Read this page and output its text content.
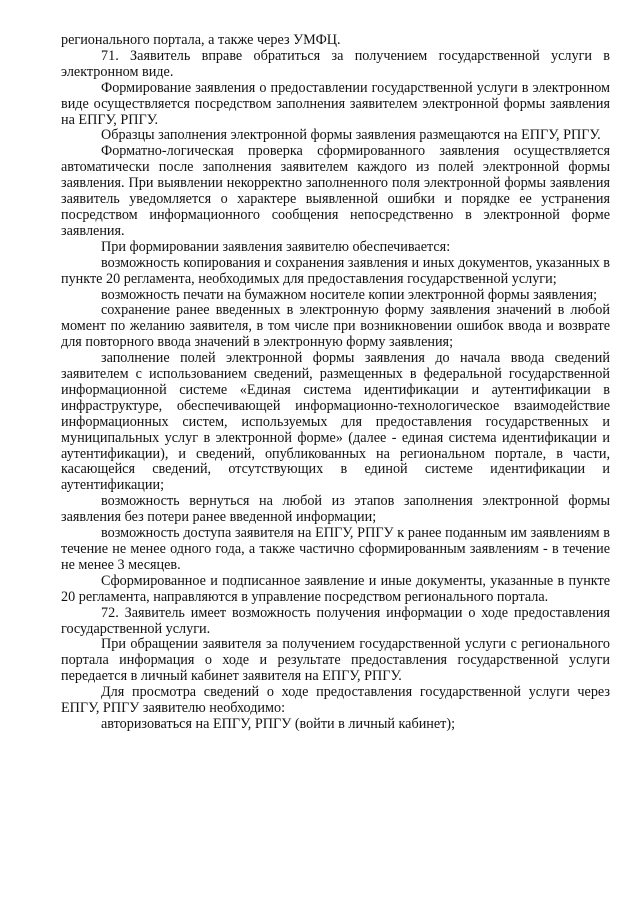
регионального портала, а также через УМФЦ.

71. Заявитель вправе обратиться за получением государственной услуги в электронном виде.

Формирование заявления о предоставлении государственной услуги в электронном виде осуществляется посредством заполнения заявителем электронной формы заявления на ЕПГУ, РПГУ.

Образцы заполнения электронной формы заявления размещаются на ЕПГУ, РПГУ.

Форматно-логическая проверка сформированного заявления осуществляется автоматически после заполнения заявителем каждого из полей электронной формы заявления. При выявлении некорректно заполненного поля электронной формы заявления заявитель уведомляется о характере выявленной ошибки и порядке ее устранения посредством информационного сообщения непосредственно в электронной форме заявления.

При формировании заявления заявителю обеспечивается:

возможность копирования и сохранения заявления и иных документов, указанных в пункте 20 регламента, необходимых для предоставления государственной услуги;

возможность печати на бумажном носителе копии электронной формы заявления;

сохранение ранее введенных в электронную форму заявления значений в любой момент по желанию заявителя, в том числе при возникновении ошибок ввода и возврате для повторного ввода значений в электронную форму заявления;

заполнение полей электронной формы заявления до начала ввода сведений заявителем с использованием сведений, размещенных в федеральной государственной информационной системе «Единая система идентификации и аутентификации в инфраструктуре, обеспечивающей информационно-технологическое взаимодействие информационных систем, используемых для предоставления государственных и муниципальных услуг в электронной форме» (далее - единая система идентификации и аутентификации), и сведений, опубликованных на региональном портале, в части, касающейся сведений, отсутствующих в единой системе идентификации и аутентификации;

возможность вернуться на любой из этапов заполнения электронной формы заявления без потери ранее введенной информации;

возможность доступа заявителя на ЕПГУ, РПГУ к ранее поданным им заявлениям в течение не менее одного года, а также частично сформированным заявлениям - в течение не менее 3 месяцев.

Сформированное и подписанное заявление и иные документы, указанные в пункте 20 регламента, направляются в управление посредством регионального портала.

72. Заявитель имеет возможность получения информации о ходе предоставления государственной услуги.

При обращении заявителя за получением государственной услуги с регионального портала информация о ходе и результате предоставления государственной услуги передается в личный кабинет заявителя на ЕПГУ, РПГУ.

Для просмотра сведений о ходе предоставления государственной услуги через ЕПГУ, РПГУ заявителю необходимо:

авторизоваться на ЕПГУ, РПГУ (войти в личный кабинет);
